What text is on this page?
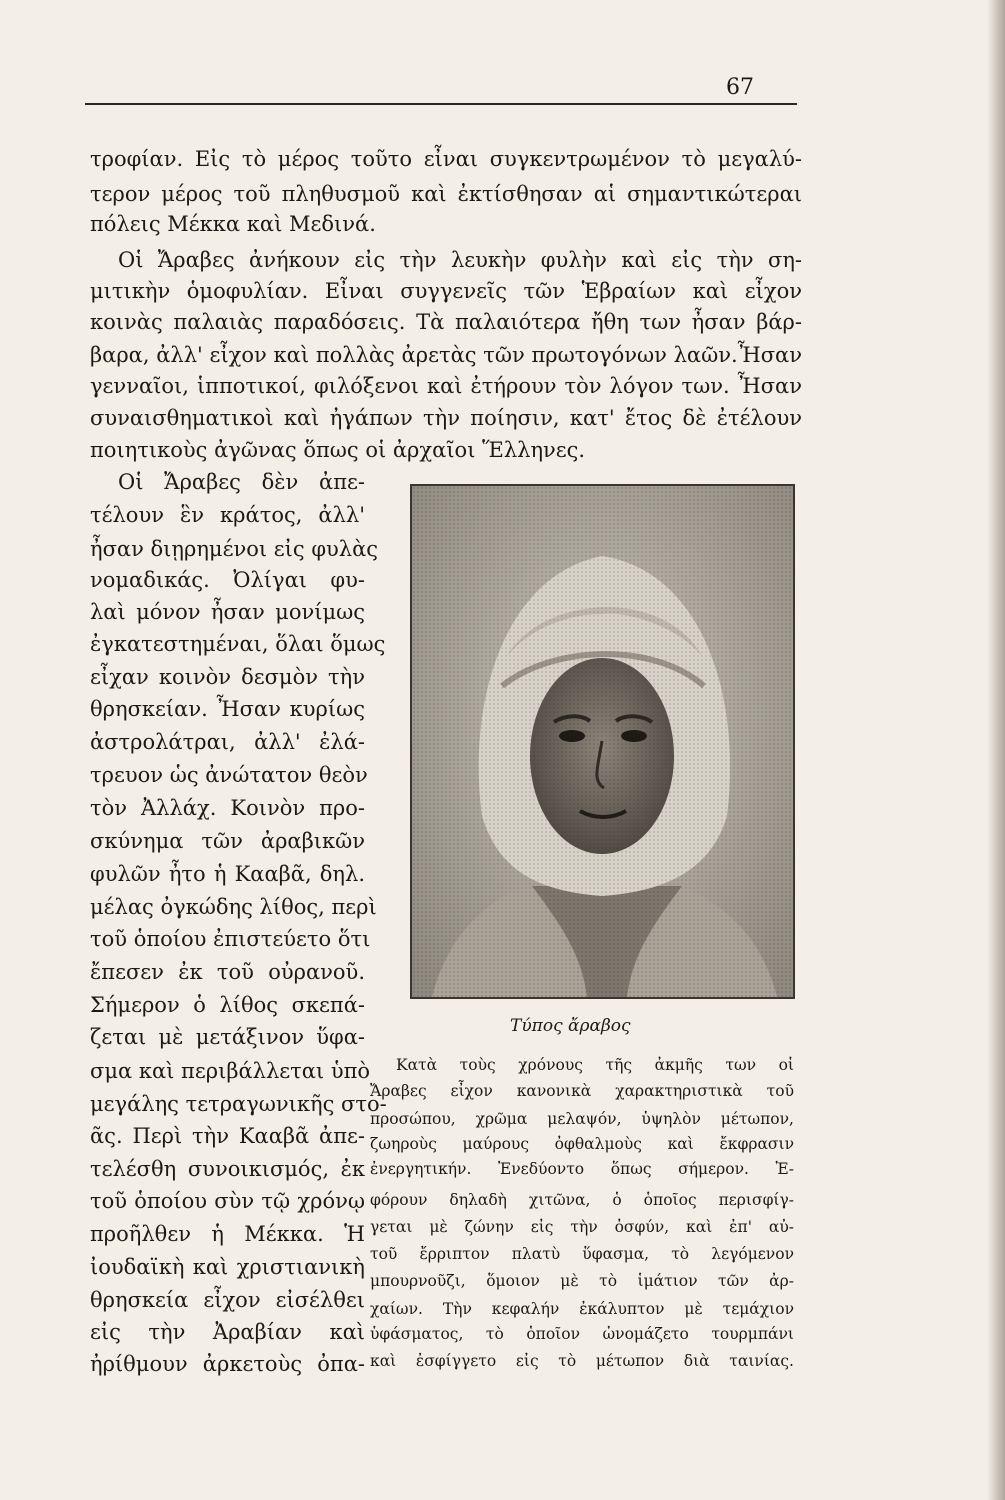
67
τροφίαν. Εἰς τὸ μέρος τοῦτο εἶναι συγκεντρωμένον τὸ μεγαλύ-
τερον μέρος τοῦ πληθυσμοῦ καὶ ἐκτίσθησαν αἱ σημαντικώτεραι
πόλεις Μέκκα καὶ Μεδινά.
Οἱ Ἄραβες ἀνήκουν εἰς τὴν λευκὴν φυλὴν καὶ εἰς τὴν ση-
μιτικὴν ὁμοφυλίαν. Εἶναι συγγενεῖς τῶν Ἑβραίων καὶ εἶχον
κοινὰς παλαιὰς παραδόσεις. Τὰ παλαιότερα ἤθη των ἦσαν βάρ-
βαρα, ἀλλ' εἶχον καὶ πολλὰς ἀρετὰς τῶν πρωτογόνων λαῶν.Ἦσαν
γενναῖοι, ἱπποτικοί, φιλόξενοι καὶ ἐτήρουν τὸν λόγον των. Ἦσαν
συναισθηματικοὶ καὶ ἠγάπων τὴν ποίησιν, κατ' ἔτος δὲ ἐτέλουν
ποιητικοὺς ἀγῶνας ὅπως οἱ ἀρχαῖοι Ἕλληνες.
Οἱ Ἄραβες δὲν ἀπε-
τέλουν ἓν κράτος, ἀλλ'
ἦσαν διῃρημένοι εἰς φυλὰς
νομαδικάς. Ὀλίγαι φυ-
λαὶ μόνον ἦσαν μονίμως
ἐγκατεστημέναι, ὅλαι ὅμως
εἶχαν κοινὸν δεσμὸν τὴν
θρησκείαν. Ἦσαν κυρίως
ἀστρολάτραι, ἀλλ' ἐλά-
τρευον ὡς ἀνώτατον θεὸν
τὸν Ἀλλάχ. Κοινὸν προ-
σκύνημα τῶν ἀραβικῶν
φυλῶν ἦτο ἡ Κααβᾶ, δηλ.
μέλας ὀγκώδης λίθος, περὶ
τοῦ ὁποίου ἐπιστεύετο ὅτι
ἔπεσεν ἐκ τοῦ οὐρανοῦ.
Σήμερον ὁ λίθος σκεπά-
ζεται μὲ μετάξινον ὕφα-
σμα καὶ περιβάλλεται ὑπὸ
μεγάλης τετραγωνικῆς στο-
ᾶς. Περὶ τὴν Κααβᾶ ἀπε-
τελέσθη συνοικισμός, ἐκ
τοῦ ὁποίου σὺν τῷ χρόνῳ
προῆλθεν ἡ Μέκκα. Ἡ
ἰουδαϊκὴ καὶ χριστιανικὴ
θρησκεία εἶχον εἰσέλθει
εἰς τὴν Ἀραβίαν καὶ
ἠρίθμουν ἀρκετοὺς ὀπα-
Τύπος ἄραβος
Κατὰ τοὺς χρόνους τῆς ἀκμῆς των οἱ
Ἄραβες εἶχον κανονικὰ χαρακτηριστικὰ τοῦ
προσώπου, χρῶμα μελαψόν, ὑψηλὸν μέτωπον,
ζωηροὺς μαύρους ὀφθαλμοὺς καὶ ἔκφρασιν
ἐνεργητικήν. Ἐνεδύοντο ὅπως σήμερον. Ἐ-
φόρουν δηλαδὴ χιτῶνα, ὁ ὁποῖος περισφίγ-
γεται μὲ ζώνην εἰς τὴν ὀσφύν, καὶ ἐπ' αὐ-
τοῦ ἔρριπτον πλατὺ ὕφασμα, τὸ λεγόμενον
μπουρνοῦζι, ὅμοιον μὲ τὸ ἱμάτιον τῶν ἀρ-
χαίων. Τὴν κεφαλήν ἐκάλυπτον μὲ τεμάχιον
ὑφάσματος, τὸ ὁποῖον ὠνομάζετο τουρμπάνι
καὶ ἐσφίγγετο εἰς τὸ μέτωπον διὰ ταινίας.
